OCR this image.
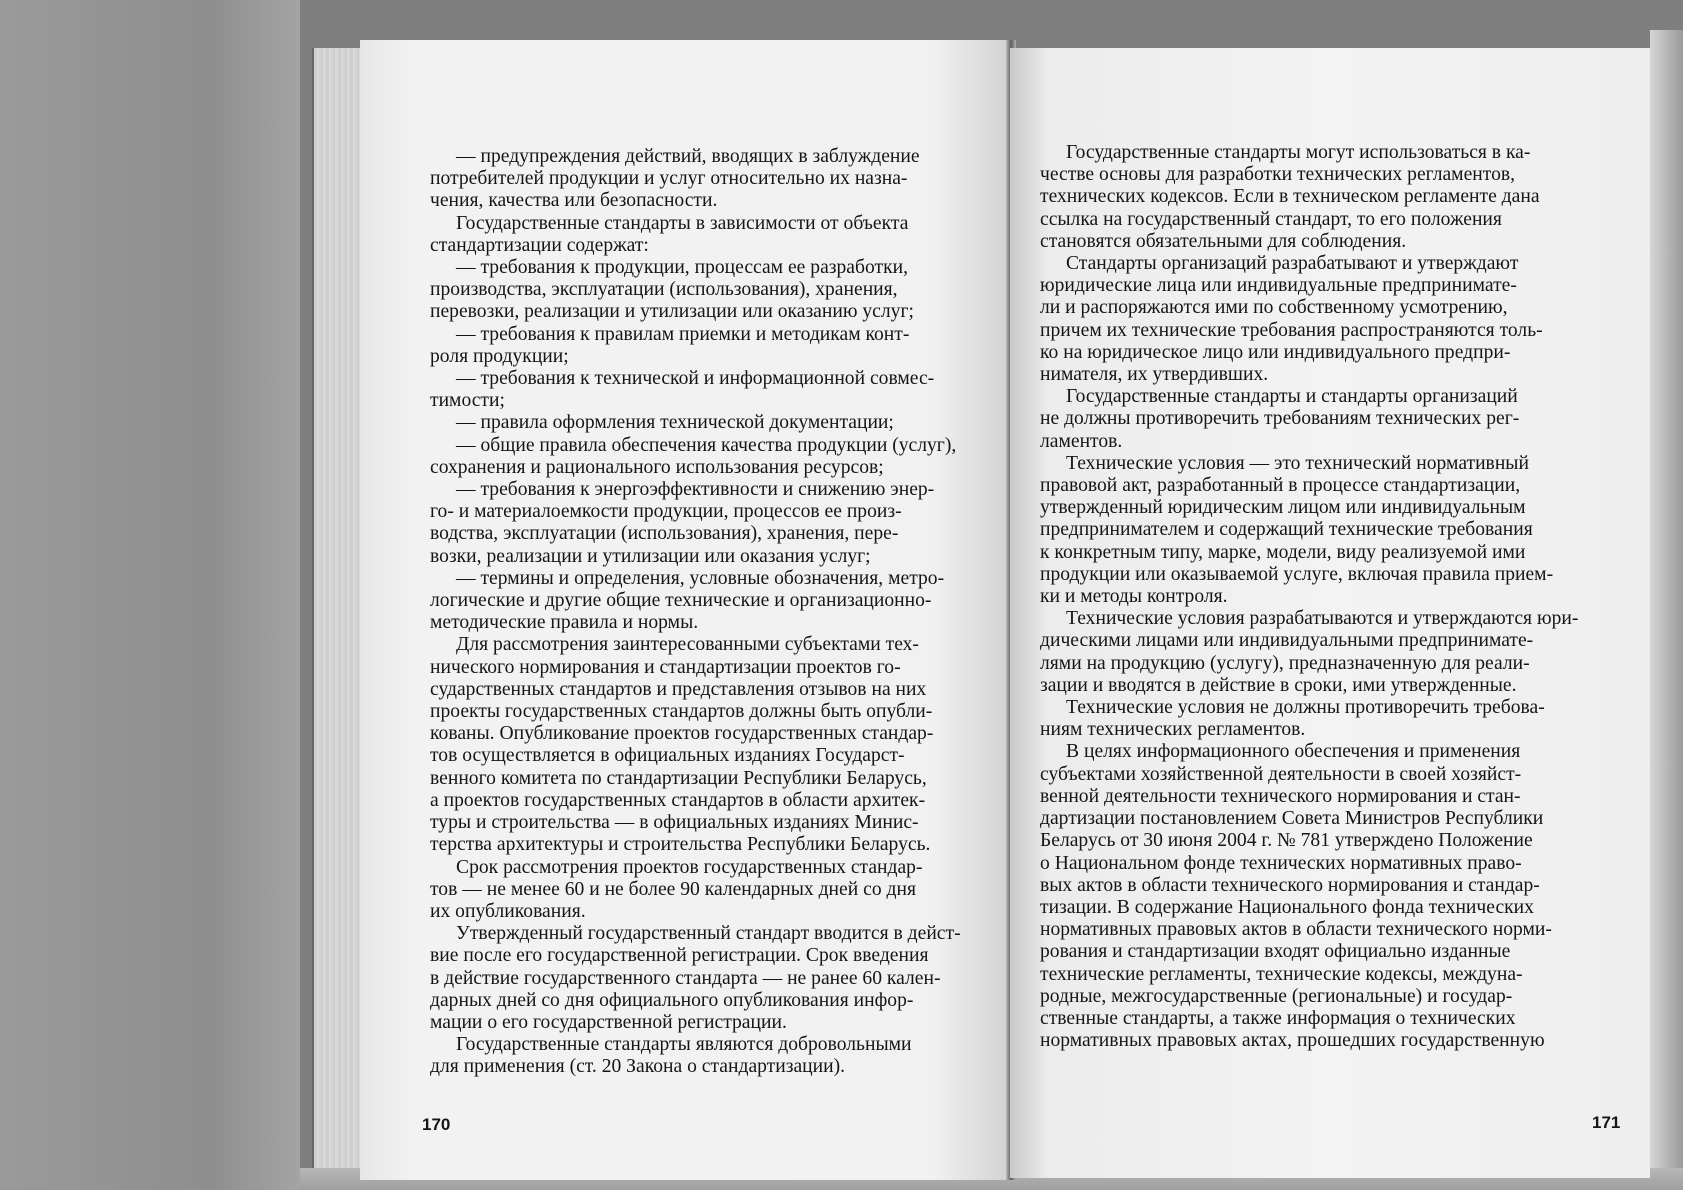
— предупреждения действий, вводящих в заблуждение
потребителей продукции и услуг относительно их назна-
чения, качества или безопасности.
Государственные стандарты в зависимости от объекта
стандартизации содержат:
— требования к продукции, процессам ее разработки,
производства, эксплуатации (использования), хранения,
перевозки, реализации и утилизации или оказанию услуг;
— требования к правилам приемки и методикам конт-
роля продукции;
— требования к технической и информационной совмес-
тимости;
— правила оформления технической документации;
— общие правила обеспечения качества продукции (услуг),
сохранения и рационального использования ресурсов;
— требования к энергоэффективности и снижению энер-
го- и материалоемкости продукции, процессов ее произ-
водства, эксплуатации (использования), хранения, пере-
возки, реализации и утилизации или оказания услуг;
— термины и определения, условные обозначения, метро-
логические и другие общие технические и организационно-
методические правила и нормы.
Для рассмотрения заинтересованными субъектами тех-
нического нормирования и стандартизации проектов го-
сударственных стандартов и представления отзывов на них
проекты государственных стандартов должны быть опубли-
кованы. Опубликование проектов государственных стандар-
тов осуществляется в официальных изданиях Государст-
венного комитета по стандартизации Республики Беларусь,
а проектов государственных стандартов в области архитек-
туры и строительства — в официальных изданиях Минис-
терства архитектуры и строительства Республики Беларусь.
Срок рассмотрения проектов государственных стандар-
тов — не менее 60 и не более 90 календарных дней со дня
их опубликования.
Утвержденный государственный стандарт вводится в дейст-
вие после его государственной регистрации. Срок введения
в действие государственного стандарта — не ранее 60 кален-
дарных дней со дня официального опубликования инфор-
мации о его государственной регистрации.
Государственные стандарты являются добровольными
для применения (ст. 20 Закона о стандартизации).
170
Государственные стандарты могут использоваться в ка-
честве основы для разработки технических регламентов,
технических кодексов. Если в техническом регламенте дана
ссылка на государственный стандарт, то его положения
становятся обязательными для соблюдения.
Стандарты организаций разрабатывают и утверждают
юридические лица или индивидуальные предпринимате-
ли и распоряжаются ими по собственному усмотрению,
причем их технические требования распространяются толь-
ко на юридическое лицо или индивидуального предпри-
нимателя, их утвердивших.
Государственные стандарты и стандарты организаций
не должны противоречить требованиям технических рег-
ламентов.
Технические условия — это технический нормативный
правовой акт, разработанный в процессе стандартизации,
утвержденный юридическим лицом или индивидуальным
предпринимателем и содержащий технические требования
к конкретным типу, марке, модели, виду реализуемой ими
продукции или оказываемой услуге, включая правила прием-
ки и методы контроля.
Технические условия разрабатываются и утверждаются юри-
дическими лицами или индивидуальными предпринимате-
лями на продукцию (услугу), предназначенную для реали-
зации и вводятся в действие в сроки, ими утвержденные.
Технические условия не должны противоречить требова-
ниям технических регламентов.
В целях информационного обеспечения и применения
субъектами хозяйственной деятельности в своей хозяйст-
венной деятельности технического нормирования и стан-
дартизации постановлением Совета Министров Республики
Беларусь от 30 июня 2004 г. № 781 утверждено Положение
о Национальном фонде технических нормативных право-
вых актов в области технического нормирования и стандар-
тизации. В содержание Национального фонда технических
нормативных правовых актов в области технического норми-
рования и стандартизации входят официально изданные
технические регламенты, технические кодексы, междуна-
родные, межгосударственные (региональные) и государ-
ственные стандарты, а также информация о технических
нормативных правовых актах, прошедших государственную
171
